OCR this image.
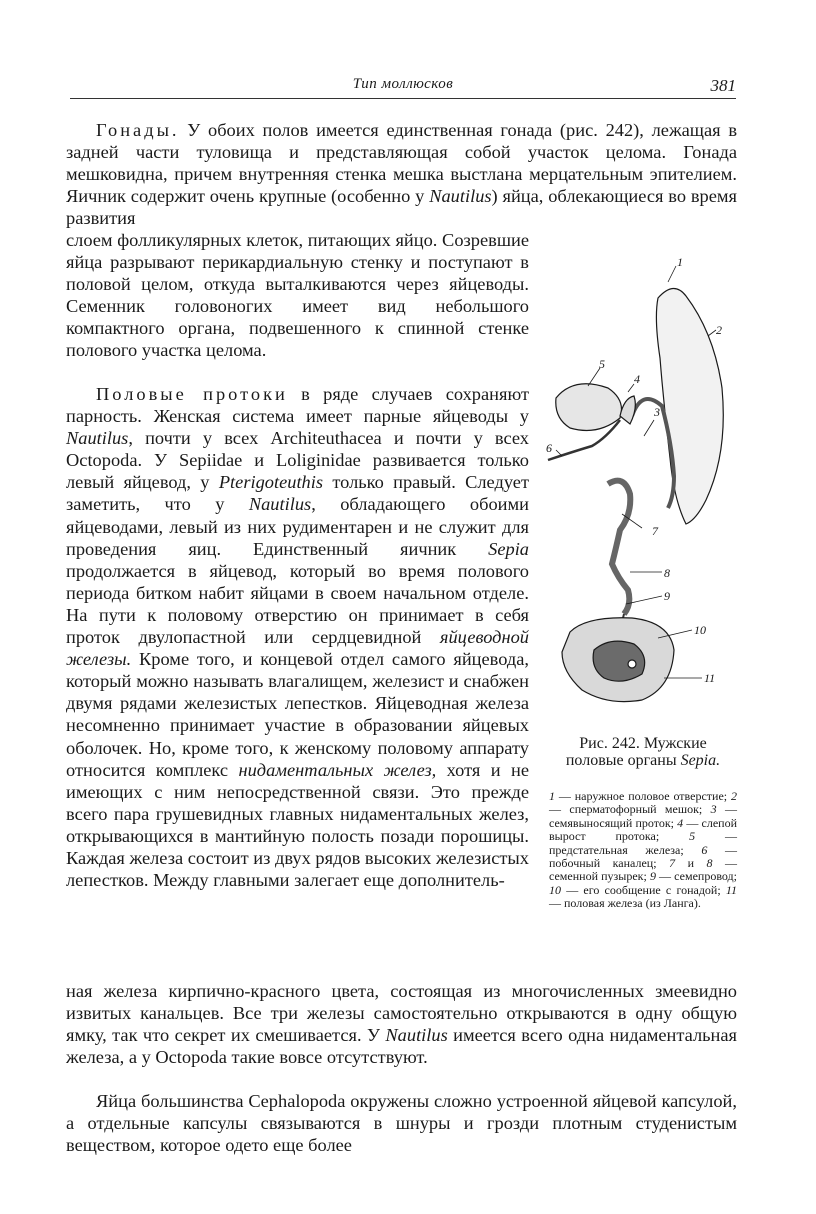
Тип моллюсков	381

Гонады. У обоих полов имеется единственная гонада (рис. 242), лежащая в задней части туловища и представляющая собой участок целома. Гонада мешковидна, причем внутренняя стенка мешка выстлана мерцательным эпителием. Яичник содержит очень крупные (особенно у Nautilus) яйца, облекающиеся во время развития

слоем фолликулярных клеток, питающих яйцо. Созревшие яйца разрывают перикардиальную стенку и поступают в половой целом, откуда выталкиваются через яйцеводы. Семенник головоногих имеет вид небольшого компактного органа, подвешенного к спинной стенке полового участка целома.

Половые протоки в ряде случаев сохраняют парность. Женская система имеет парные яйцеводы у Nautilus, почти у всех Architeuthacea и почти у всех Octopoda. У Sepiidae и Loliginidae развивается только левый яйцевод, у Pterigoteuthis только правый. Следует заметить, что у Nautilus, обладающего обоими яйцеводами, левый из них рудиментарен и не служит для проведения яиц. Единственный яичник Sepia продолжается в яйцевод, который во время полового периода битком набит яйцами в своем начальном отделе. На пути к половому отверстию он принимает в себя проток двулопастной или сердцевидной яйцеводной железы. Кроме того, и концевой отдел самого яйцевода, который можно называть влагалищем, железист и снабжен двумя рядами железистых лепестков. Яйцеводная железа несомненно принимает участие в образовании яйцевых оболочек. Но, кроме того, к женскому половому аппарату относится комплекс нидаментальных желез, хотя и не имеющих с ним непосредственной связи. Это прежде всего пара грушевидных главных нидаментальных желез, открывающихся в мантийную полость позади порошицы. Каждая железа состоит из двух рядов высоких железистых лепестков. Между главными залегает еще дополнитель-

ная железа кирпично-красного цвета, состоящая из многочисленных змеевидно извитых канальцев. Все три железы самостоятельно открываются в одну общую ямку, так что секрет их смешивается. У Nautilus имеется всего одна нидаментальная железа, а у Octopoda такие вовсе отсутствуют.

Яйца большинства Cephalopoda окружены сложно устроенной яйцевой капсулой, а отдельные капсулы связываются в шнуры и грозди плотным студенистым веществом, которое одето еще более

1
2
3
4
5
6
7
8
9
10
11
Рис. 242. Мужские половые органы Sepia.
1 — наружное половое отверстие; 2 — сперматофорный мешок; 3 — семявыносящий проток; 4 — слепой вырост протока; 5 — предстательная железа; 6 — побочный каналец; 7 и 8 — семенной пузырек; 9 — семепровод; 10 — его сообщение с гонадой; 11 — половая железа (из Ланга).
